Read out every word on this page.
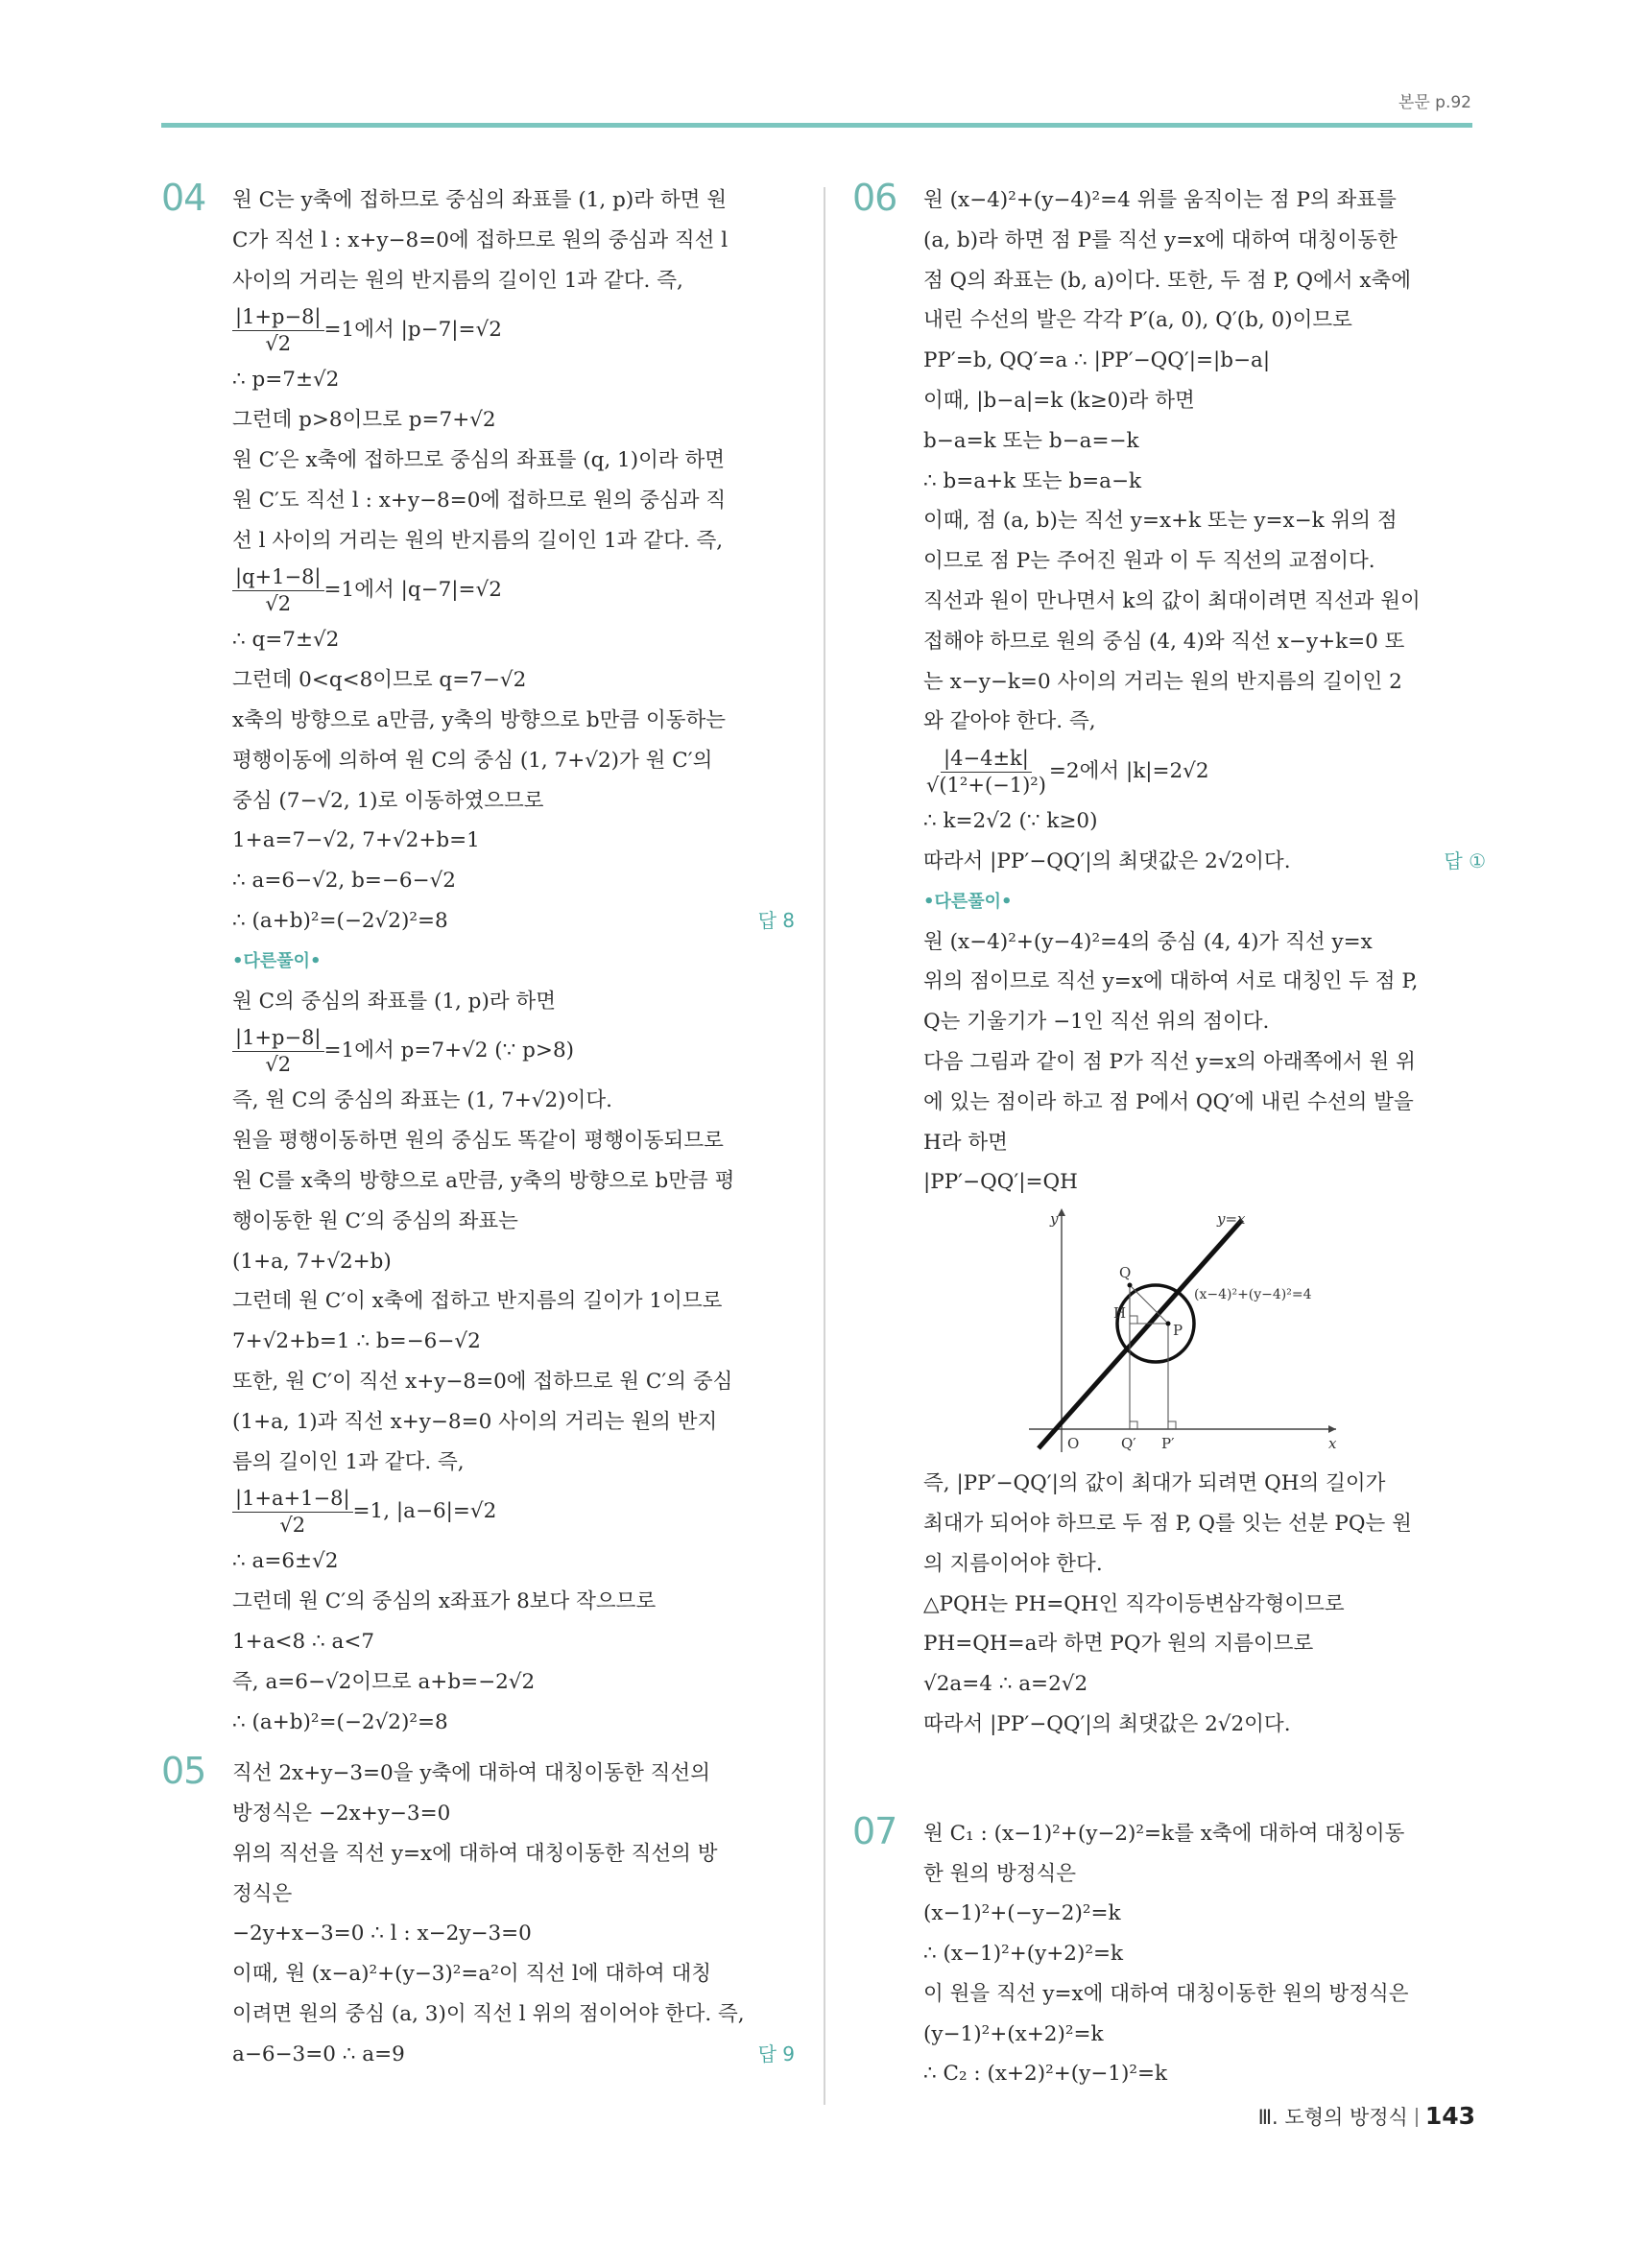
본문 p.92
04 원 C는 y축에 접하므로 중심의 좌표를 (1, p)라 하면 원
C가 직선 l : x+y−8=0에 접하므로 원의 중심과 직선 l
사이의 거리는 원의 반지름의 길이인 1과 같다. 즉,
$\frac{|1+p-8|}{√2} =1$에서 |p−7|=√2
∴ p=7±√2
그런데 p>8이므로 p=7+√2
원 C′은 x축에 접하므로 중심의 좌표를 (q, 1)이라 하면
원 C′도 직선 l : x+y−8=0에 접하므로 원의 중심과 직
선 l 사이의 거리는 원의 반지름의 길이인 1과 같다. 즉,
$\frac{|q+1-8|}{√2} =1$에서 |q−7|=√2
∴ q=7±√2
그런데 0<q<8이므로 q=7−√2
x축의 방향으로 a만큼, y축의 방향으로 b만큼 이동하는
평행이동에 의하여 원 C의 중심 (1, 7+√2)가 원 C′의
중심 (7−√2, 1)로 이동하였으므로
1+a=7−√2, 7+√2+b=1
∴ a=6−√2, b=−6−√2
∴ (a+b)²=(−2√2)²=8	답 8
•다른풀이•
원 C의 중심의 좌표를 (1, p)라 하면
$\frac{|1+p-8|}{√2} =1$에서 p=7+√2 (∵ p>8)
즉, 원 C의 중심의 좌표는 (1, 7+√2)이다.
원을 평행이동하면 원의 중심도 똑같이 평행이동되므로
원 C를 x축의 방향으로 a만큼, y축의 방향으로 b만큼 평
행이동한 원 C′의 중심의 좌표는
(1+a, 7+√2+b)
그런데 원 C′이 x축에 접하고 반지름의 길이가 1이므로
7+√2+b=1 ∴ b=−6−√2
또한, 원 C′이 직선 x+y−8=0에 접하므로 원 C′의 중심
(1+a, 1)과 직선 x+y−8=0 사이의 거리는 원의 반지
름의 길이인 1과 같다. 즉,
$\frac{|1+a+1-8|}{√2} =1$, |a−6|=√2
∴ a=6±√2
그런데 원 C′의 중심의 x좌표가 8보다 작으므로
1+a<8 ∴ a<7
즉, a=6−√2이므로 a+b=−2√2
∴ (a+b)²=(−2√2)²=8
05 직선 2x+y−3=0을 y축에 대하여 대칭이동한 직선의
방정식은 −2x+y−3=0
위의 직선을 직선 y=x에 대하여 대칭이동한 직선의 방
정식은
−2y+x−3=0 ∴ l : x−2y−3=0
이때, 원 (x−a)²+(y−3)²=a²이 직선 l에 대하여 대칭
이려면 원의 중심 (a, 3)이 직선 l 위의 점이어야 한다. 즉,
a−6−3=0 ∴ a=9	답 9
06 원 (x−4)²+(y−4)²=4 위를 움직이는 점 P의 좌표를
(a, b)라 하면 점 P를 직선 y=x에 대하여 대칭이동한
점 Q의 좌표는 (b, a)이다. 또한, 두 점 P, Q에서 x축에
내린 수선의 발은 각각 P′(a, 0), Q′(b, 0)이므로
PP′=b, QQ′=a ∴ |PP′−QQ′|=|b−a|
이때, |b−a|=k (k≥0)라 하면
b−a=k 또는 b−a=−k
∴ b=a+k 또는 b=a−k
이때, 점 (a, b)는 직선 y=x+k 또는 y=x−k 위의 점
이므로 점 P는 주어진 원과 이 두 직선의 교점이다.
직선과 원이 만나면서 k의 값이 최대이려면 직선과 원이
접해야 하므로 원의 중심 (4, 4)와 직선 x−y+k=0 또
는 x−y−k=0 사이의 거리는 원의 반지름의 길이인 2
와 같아야 한다. 즉,
$\frac{|4-4\pm k|}{\text{√(1²+(−1)²)}} =2$에서 |k|=2√2
∴ k=2√2 (∵ k≥0)
따라서 |PP′−QQ′|의 최댓값은 2√2이다.	답 ①
•다른풀이•
원 (x−4)²+(y−4)²=4의 중심 (4, 4)가 직선 y=x
위의 점이므로 직선 y=x에 대하여 서로 대칭인 두 점 P,
Q는 기울기가 −1인 직선 위의 점이다.
다음 그림과 같이 점 P가 직선 y=x의 아래쪽에서 원 위
에 있는 점이라 하고 점 P에서 QQ′에 내린 수선의 발을
H라 하면
|PP′−QQ′|=QH
y
x
O
y=x
(x−4)²+(y−4)²=4
Q
H
P
Q′ P′
즉, |PP′−QQ′|의 값이 최대가 되려면 QH의 길이가
최대가 되어야 하므로 두 점 P, Q를 잇는 선분 PQ는 원
의 지름이어야 한다.
△PQH는 PH=QH인 직각이등변삼각형이므로
PH=QH=a라 하면 PQ가 원의 지름이므로
√2a=4 ∴ a=2√2
따라서 |PP′−QQ′|의 최댓값은 2√2이다.
07 원 C₁ : (x−1)²+(y−2)²=k를 x축에 대하여 대칭이동
한 원의 방정식은
(x−1)²+(−y−2)²=k
∴ (x−1)²+(y+2)²=k
이 원을 직선 y=x에 대하여 대칭이동한 원의 방정식은
(y−1)²+(x+2)²=k
∴ C₂ : (x+2)²+(y−1)²=k
Ⅲ. 도형의 방정식 143
